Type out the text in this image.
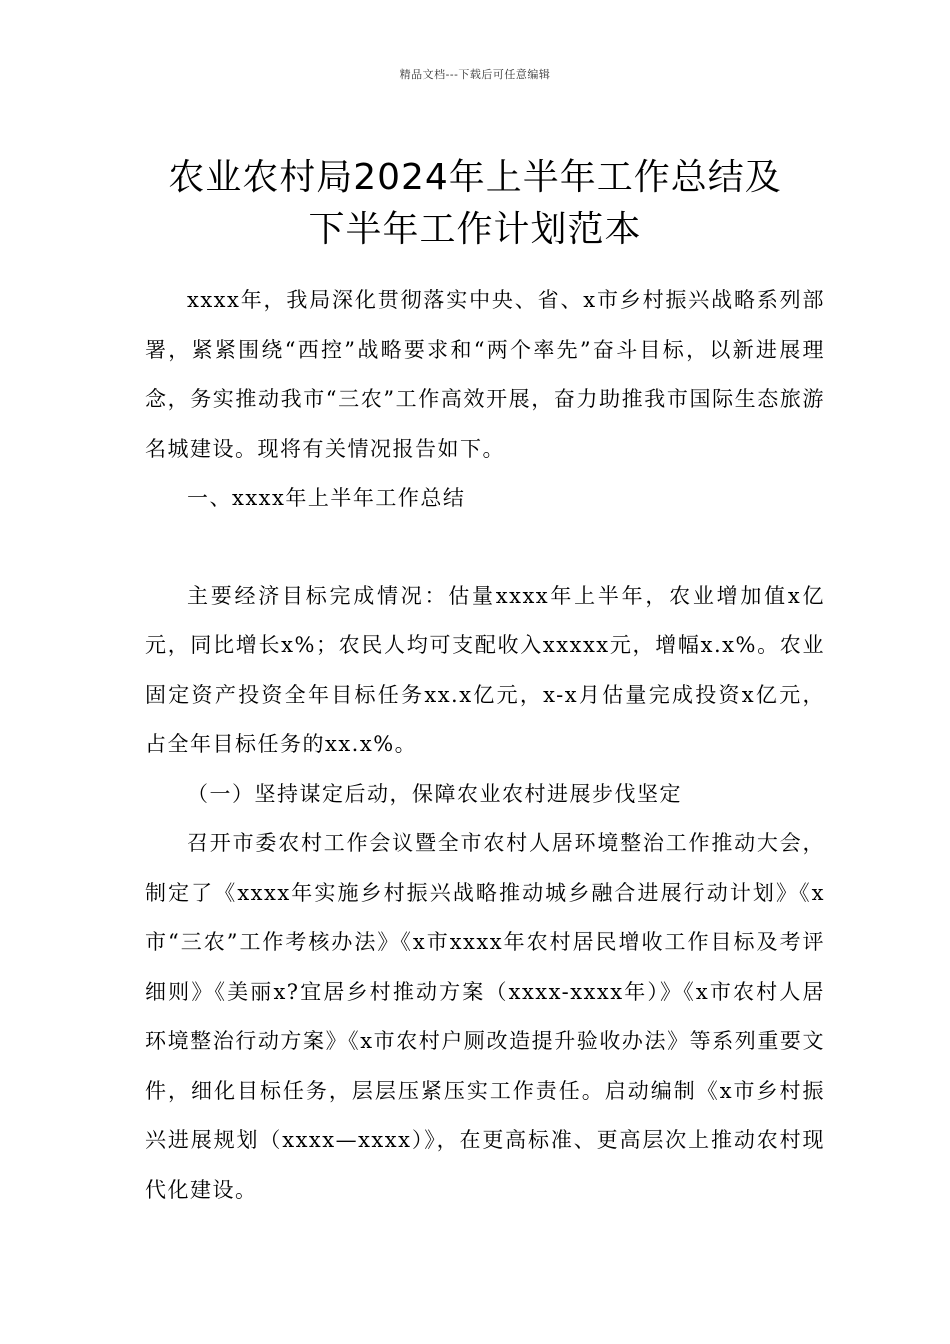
精品文档---下载后可任意编辑
农业农村局2024年上半年工作总结及
下半年工作计划范本

xxxx年，我局深化贯彻落实中央、省、x市乡村振兴战略系列部署，紧紧围绕“西控”战略要求和“两个率先”奋斗目标，以新进展理念，务实推动我市“三农”工作高效开展，奋力助推我市国际生态旅游名城建设。现将有关情况报告如下。

一、xxxx年上半年工作总结

主要经济目标完成情况：估量xxxx年上半年，农业增加值x亿元，同比增长x%；农民人均可支配收入xxxxx元，增幅x.x%。农业固定资产投资全年目标任务xx.x亿元，x-x月估量完成投资x亿元，占全年目标任务的xx.x%。

（一）坚持谋定后动，保障农业农村进展步伐坚定

召开市委农村工作会议暨全市农村人居环境整治工作推动大会，制定了《xxxx年实施乡村振兴战略推动城乡融合进展行动计划》《x市“三农”工作考核办法》《x市xxxx年农村居民增收工作目标及考评细则》《美丽x?宜居乡村推动方案（xxxx-xxxx年）》《x市农村人居环境整治行动方案》《x市农村户厕改造提升验收办法》等系列重要文件，细化目标任务，层层压紧压实工作责任。启动编制《x市乡村振兴进展规划（xxxx—xxxx）》，在更高标准、更高层次上推动农村现代化建设。
